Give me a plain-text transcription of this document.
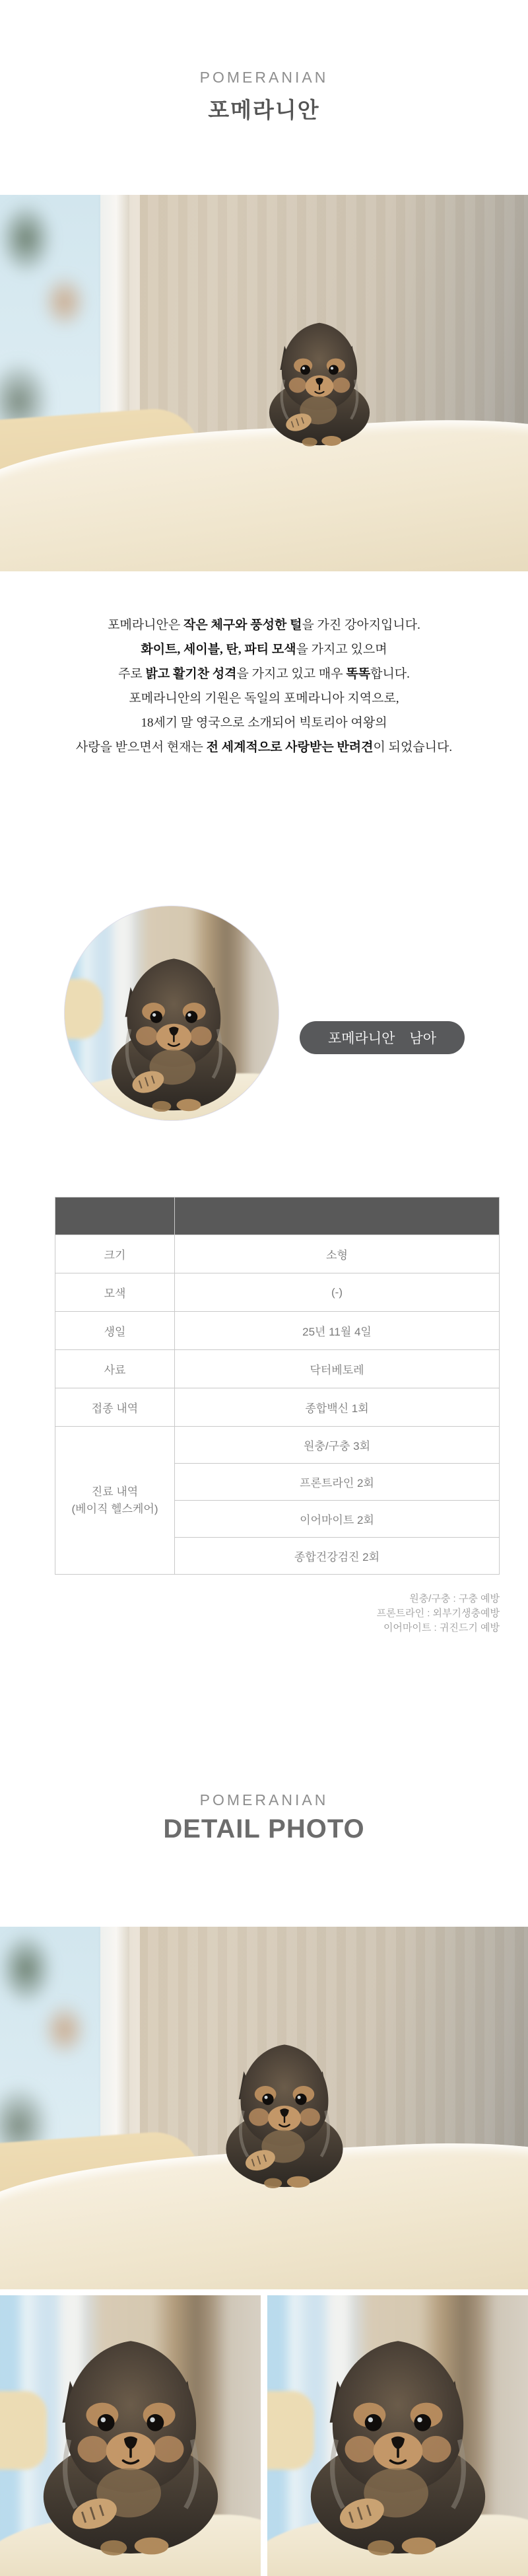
POMERANIAN
포메라니안

포메라니안은 작은 체구와 풍성한 털을 가진 강아지입니다.

화이트, 세이블, 탄, 파티 모색을 가지고 있으며

주로 밝고 활기찬 성격을 가지고 있고 매우 똑똑합니다.

포메라니안의 기원은 독일의 포메라니아 지역으로,

18세기 말 영국으로 소개되어 빅토리아 여왕의

사랑을 받으면서 현재는 전 세계적으로 사랑받는 반려견이 되었습니다.

포메라니안 남아

크기	소형
모색	(-)
생일	25년 11월 4일
사료	닥터베토레
접종 내역	종합백신 1회

진료 내역
(베이직 헬스케어)	원충/구충 3회
	프론트라인 2회
	이어마이트 2회
	종합건강검진 2회
원충/구충 : 구충 예방
프론트라인 : 외부기생충예방
이어마이트 : 귀진드기 예방
POMERANIAN
DETAIL PHOTO
